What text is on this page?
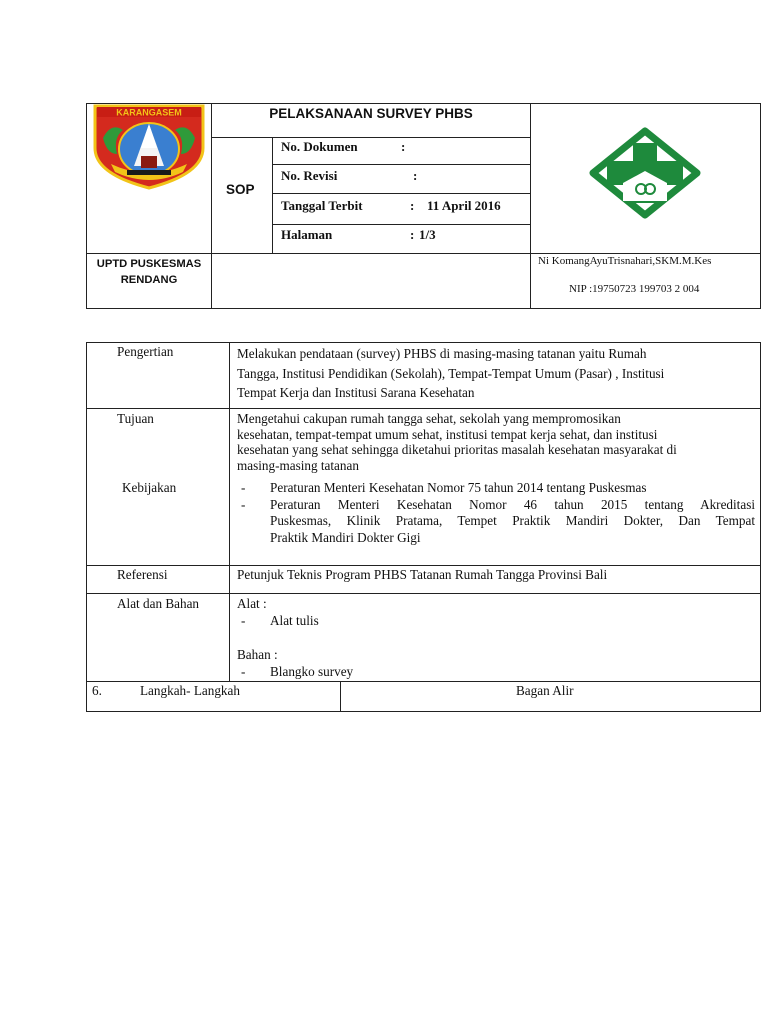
KARANGASEM	PELAKSANAAN SURVEY PHBS
SOP
No. Dokumen	:
No. Revisi	:
Tanggal Terbit	: 11 April 2016
Halaman	: 1/3
UPTD PUSKESMAS
RENDANG
Ni KomangAyuTrisnahari,SKM.M.Kes
NIP :19750723 199703 2 004
Pengertian	Melakukan pendataan (survey) PHBS di masing-masing tatanan yaitu Rumah
Tangga, Institusi Pendidikan (Sekolah), Tempat-Tempat Umum (Pasar) , Institusi
Tempat Kerja dan Institusi Sarana Kesehatan
Tujuan	Mengetahui cakupan rumah tangga sehat, sekolah yang mempromosikan
kesehatan, tempat-tempat umum sehat, institusi tempat kerja sehat, dan institusi
kesehatan yang sehat sehingga diketahui prioritas masalah kesehatan masyarakat di
masing-masing tatanan
Kebijakan	- Peraturan Menteri Kesehatan Nomor 75 tahun 2014 tentang Puskesmas
- Peraturan Menteri Kesehatan Nomor 46 tahun 2015 tentang Akreditasi
Puskesmas, Klinik Pratama, Tempet Praktik Mandiri Dokter, Dan Tempat
Praktik Mandiri Dokter Gigi
Referensi	Petunjuk Teknis Program PHBS Tatanan Rumah Tangga Provinsi Bali
Alat dan Bahan	Alat :
- Alat tulis
Bahan :
- Blangko survey
6.	Langkah- Langkah	Bagan Alir
